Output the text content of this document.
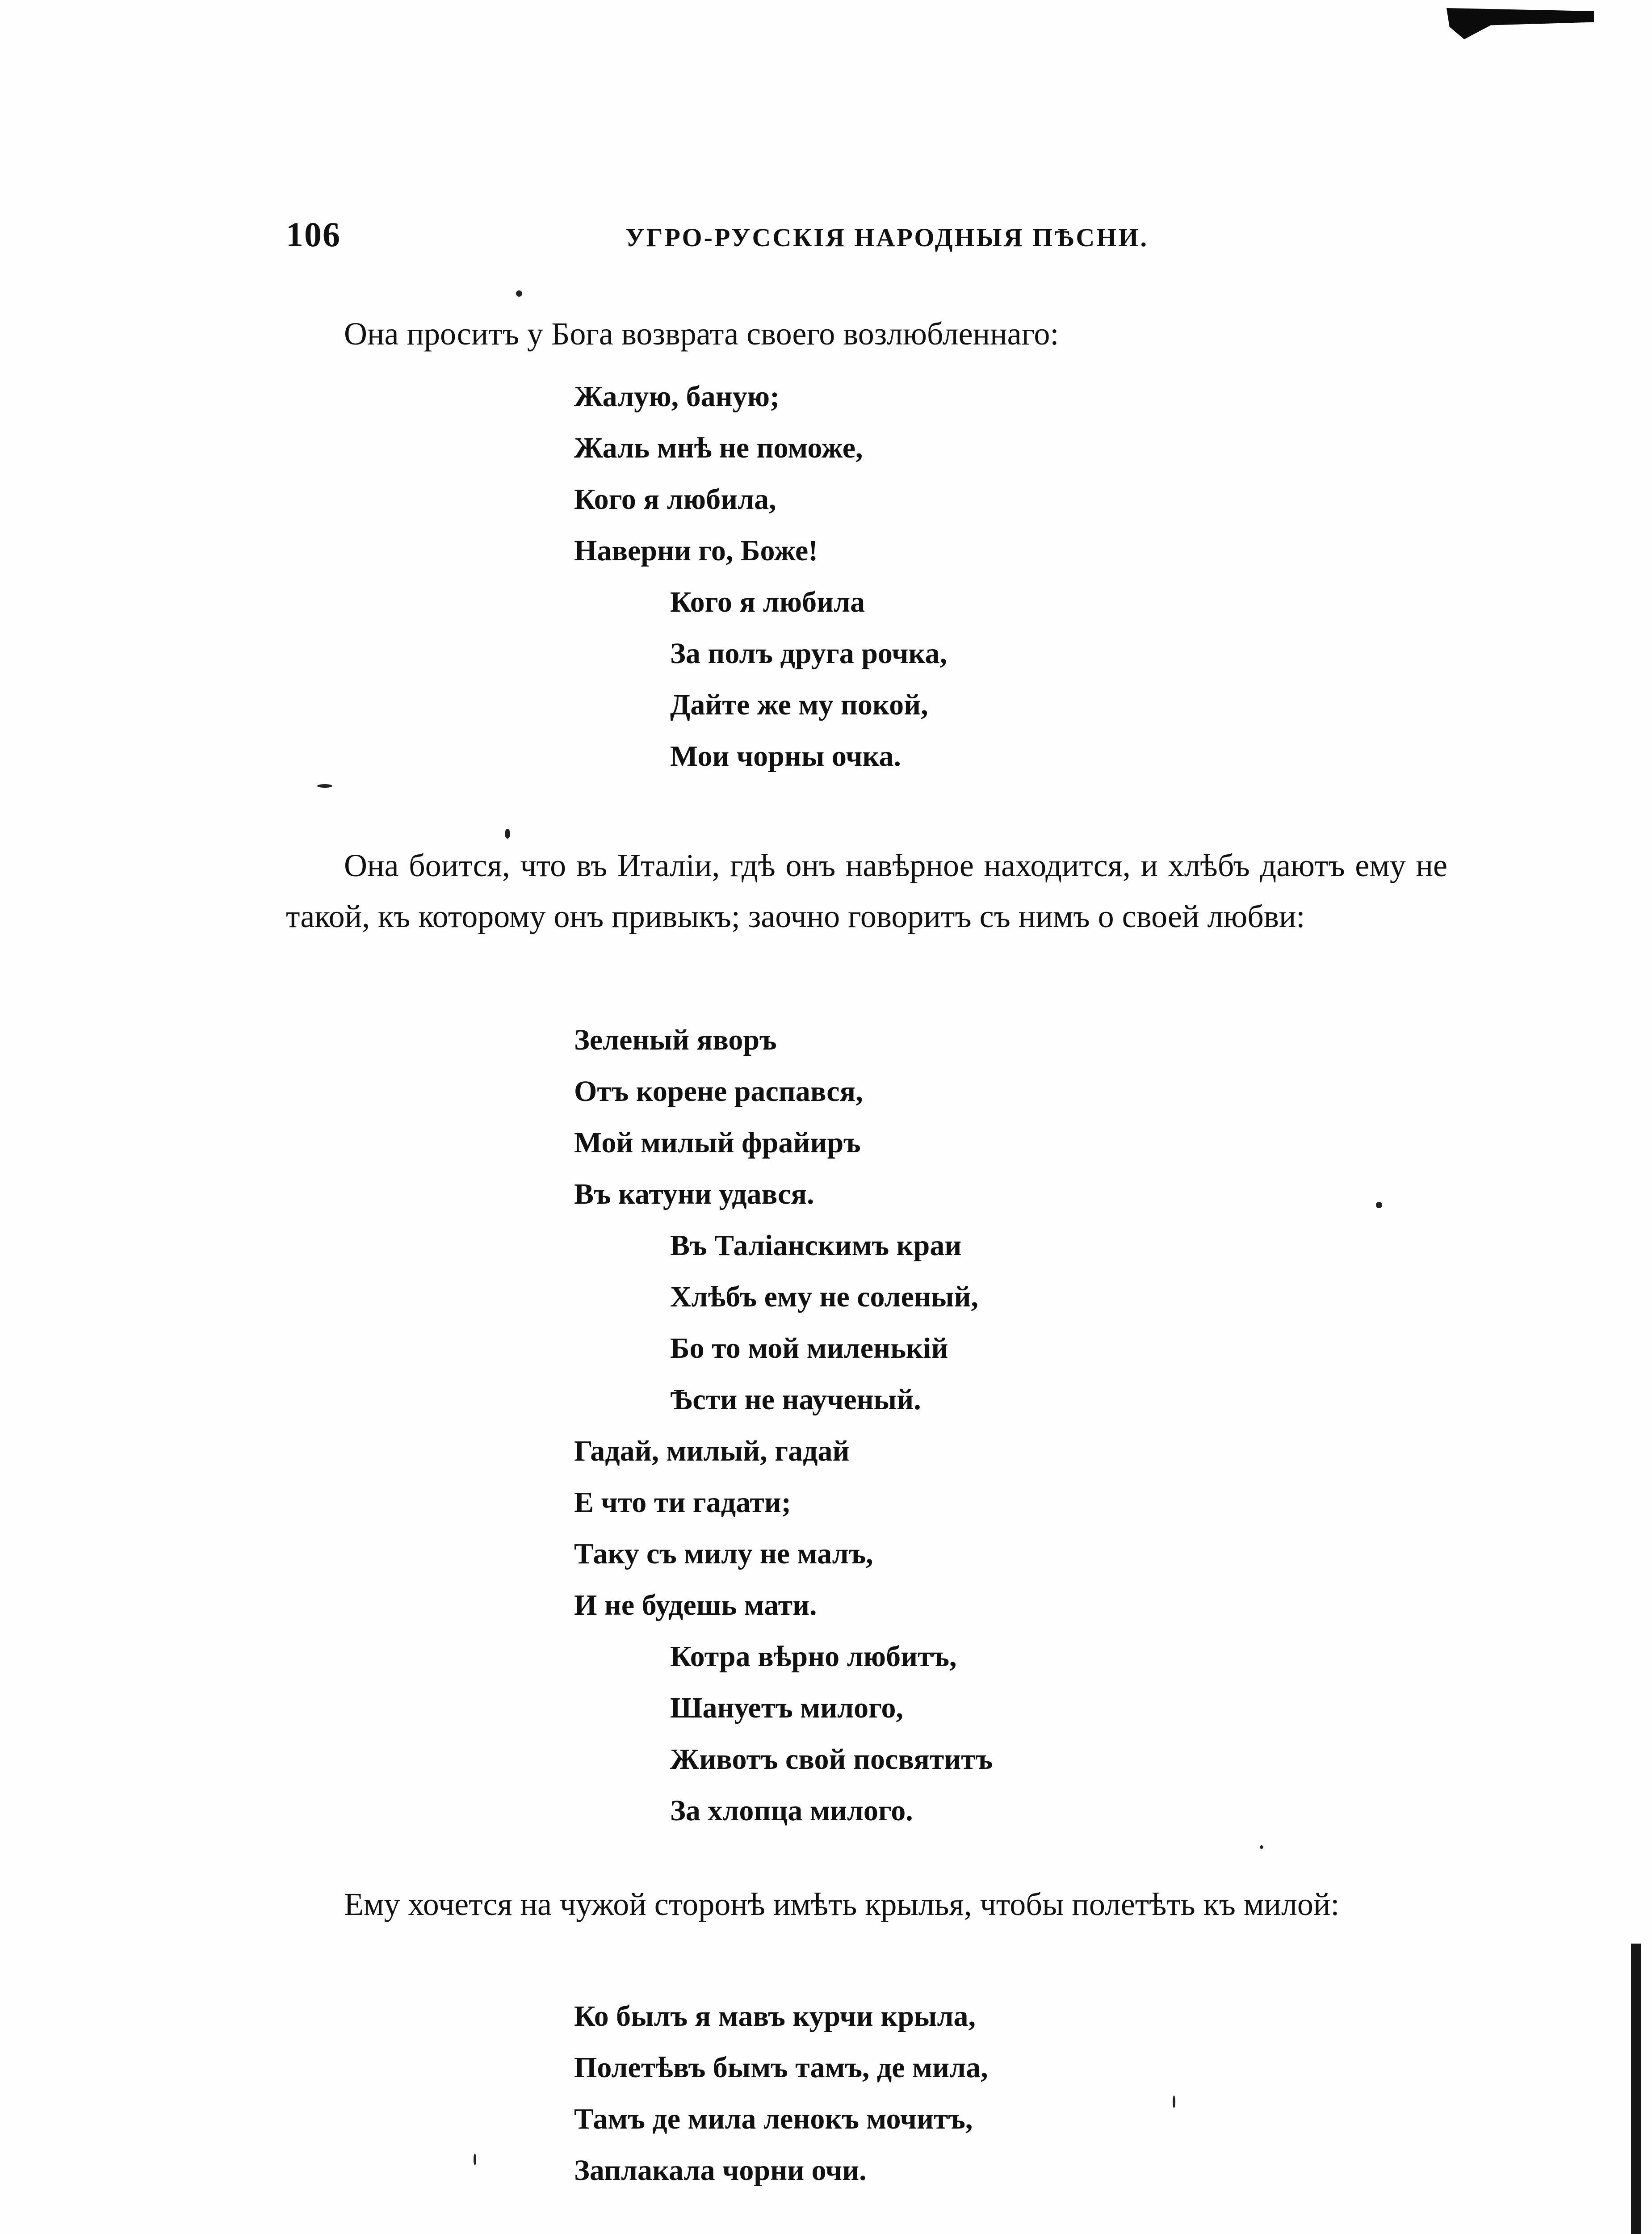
106	УГРО-РУССКІЯ НАРОДНЫЯ ПѢСНИ.

Она проситъ у Бога возврата своего возлюбленнаго:

Жалую, баную;
Жаль мнѣ не поможе,
Кого я любила,
Наверни го, Боже!
Кого я любила
За полъ друга рочка,
Дайте же му покой,
Мои чорны очка.

Она боится, что въ Италіи, гдѣ онъ навѣрное находится, и хлѣбъ даютъ ему не такой, къ которому онъ привыкъ; заочно говоритъ съ нимъ о своей любви:

Зеленый яворъ
Отъ корене распався,
Мой милый фрайиръ
Въ катуни удався.
Въ Таліанскимъ краи
Хлѣбъ ему не соленый,
Бо то мой миленькій
Ѣсти не наученый.
Гадай, милый, гадай
Е что ти гадати;
Таку съ милу не малъ,
И не будешь мати.
Котра вѣрно любитъ,
Шануетъ милого,
Животъ свой посвятитъ
За хлопца милого.

Ему хочется на чужой сторонѣ имѣть крылья, чтобы полетѣть къ милой:

Ко былъ я мавъ курчи крыла,
Полетѣвъ бымъ тамъ, де мила,
Тамъ де мила ленокъ мочитъ,
Заплакала чорни очи.
